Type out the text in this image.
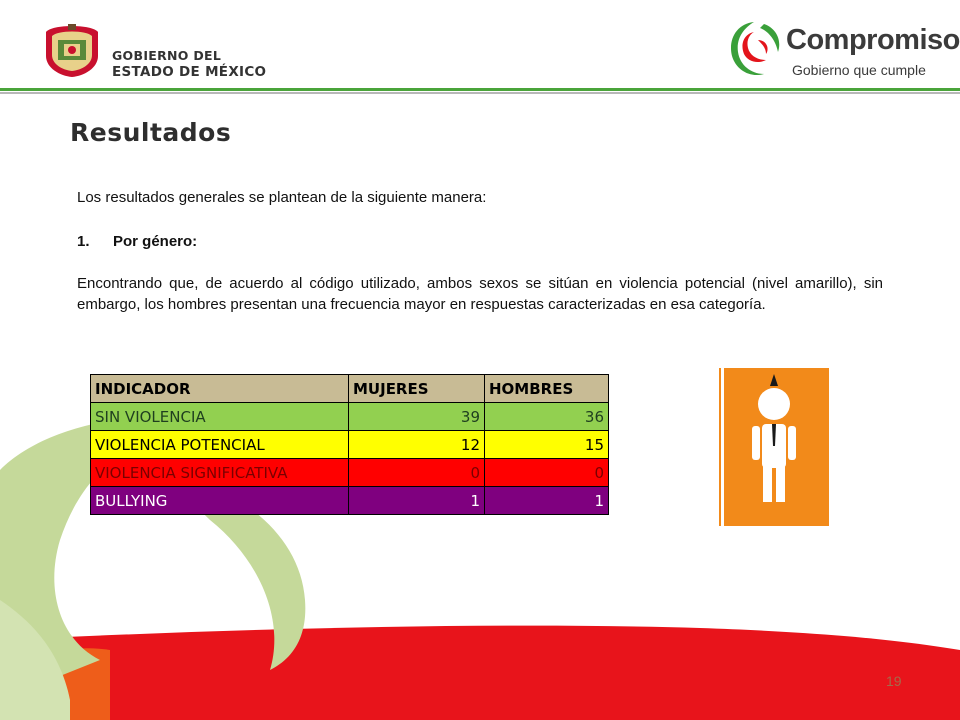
GOBIERNO DEL
ESTADO DE MÉXICO
Compromiso
Gobierno que cumple
Resultados
Los resultados generales se plantean de la siguiente manera:
1. Por género:
Encontrando que, de acuerdo al código utilizado, ambos sexos se sitúan en violencia potencial (nivel amarillo), sin embargo, los hombres presentan una frecuencia mayor en respuestas caracterizadas en esa categoría.
INDICADOR	MUJERES	HOMBRES
SIN VIOLENCIA	39	36
VIOLENCIA POTENCIAL	12	15
VIOLENCIA SIGNIFICATIVA	0	0
BULLYING	1	1
19
